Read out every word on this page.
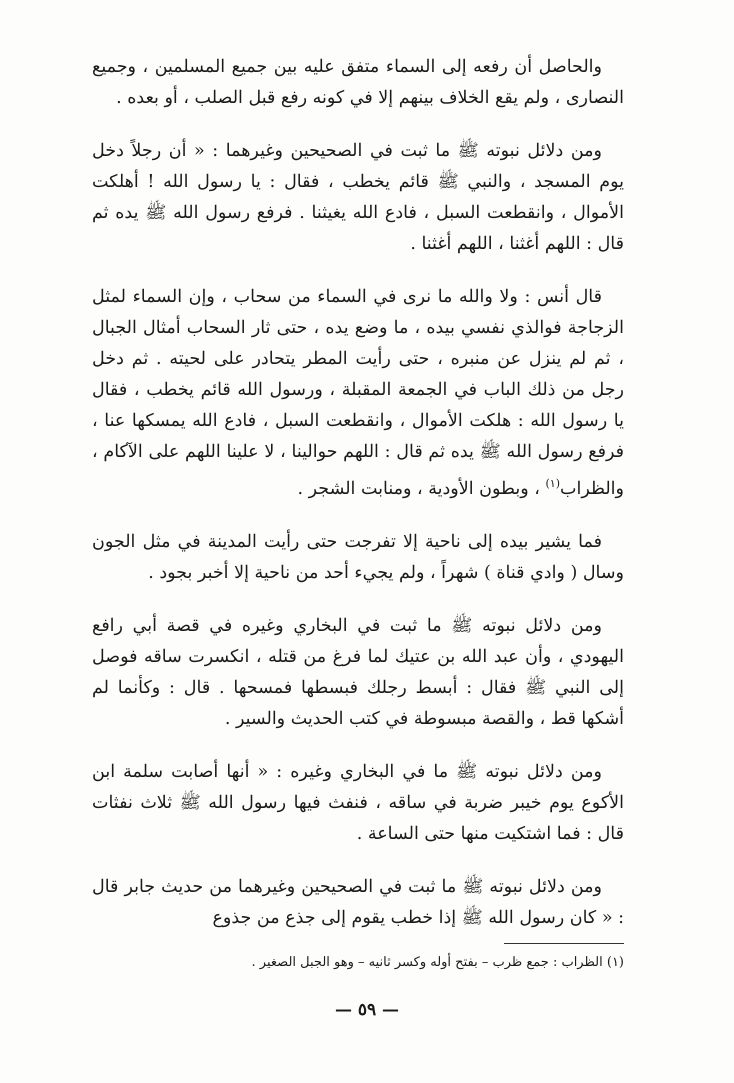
والحاصل أن رفعه إلى السماء متفق عليه بين جميع المسلمين ، وجميع النصارى ، ولم يقع الخلاف بينهم إلا في كونه رفع قبل الصلب ، أو بعده .

ومن دلائل نبوته ﷺ ما ثبت في الصحيحين وغيرهما : « أن رجلاً دخل يوم المسجد ، والنبي ﷺ قائم يخطب ، فقال : يا رسول الله ! أهلكت الأموال ، وانقطعت السبل ، فادع الله يغيثنا . فرفع رسول الله ﷺ يده ثم قال : اللهم أغثنا ، اللهم أغثنا .

قال أنس : ولا والله ما نرى في السماء من سحاب ، وإن السماء لمثل الزجاجة فوالذي نفسي بيده ، ما وضع يده ، حتى ثار السحاب أمثال الجبال ، ثم لم ينزل عن منبره ، حتى رأيت المطر يتحادر على لحيته . ثم دخل رجل من ذلك الباب في الجمعة المقبلة ، ورسول الله قائم يخطب ، فقال يا رسول الله : هلكت الأموال ، وانقطعت السبل ، فادع الله يمسكها عنا ، فرفع رسول الله ﷺ يده ثم قال : اللهم حوالينا ، لا علينا اللهم على الآكام ، والظراب$^{(١)}$ ، وبطون الأودية ، ومنابت الشجر .

فما يشير بيده إلى ناحية إلا تفرجت حتى رأيت المدينة في مثل الجون وسال ( وادي قناة ) شهراً ، ولم يجيء أحد من ناحية إلا أخبر بجود .

ومن دلائل نبوته ﷺ ما ثبت في البخاري وغيره في قصة أبي رافع اليهودي ، وأن عبد الله بن عتيك لما فرغ من قتله ، انكسرت ساقه فوصل إلى النبي ﷺ فقال : أبسط رجلك فبسطها فمسحها . قال : وكأنما لم أشكها قط ، والقصة مبسوطة في كتب الحديث والسير .

ومن دلائل نبوته ﷺ ما في البخاري وغيره : « أنها أصابت سلمة ابن الأكوع يوم خيبر ضربة في ساقه ، فنفث فيها رسول الله ﷺ ثلاث نفثات قال : فما اشتكيت منها حتى الساعة .

ومن دلائل نبوته ﷺ ما ثبت في الصحيحين وغيرهما من حديث جابر قال : « كان رسول الله ﷺ إذا خطب يقوم إلى جذع من جذوع

(١) الظراب : جمع ظرب – بفتح أوله وكسر ثانيه – وهو الجبل الصغير .
— ٥٩ —
